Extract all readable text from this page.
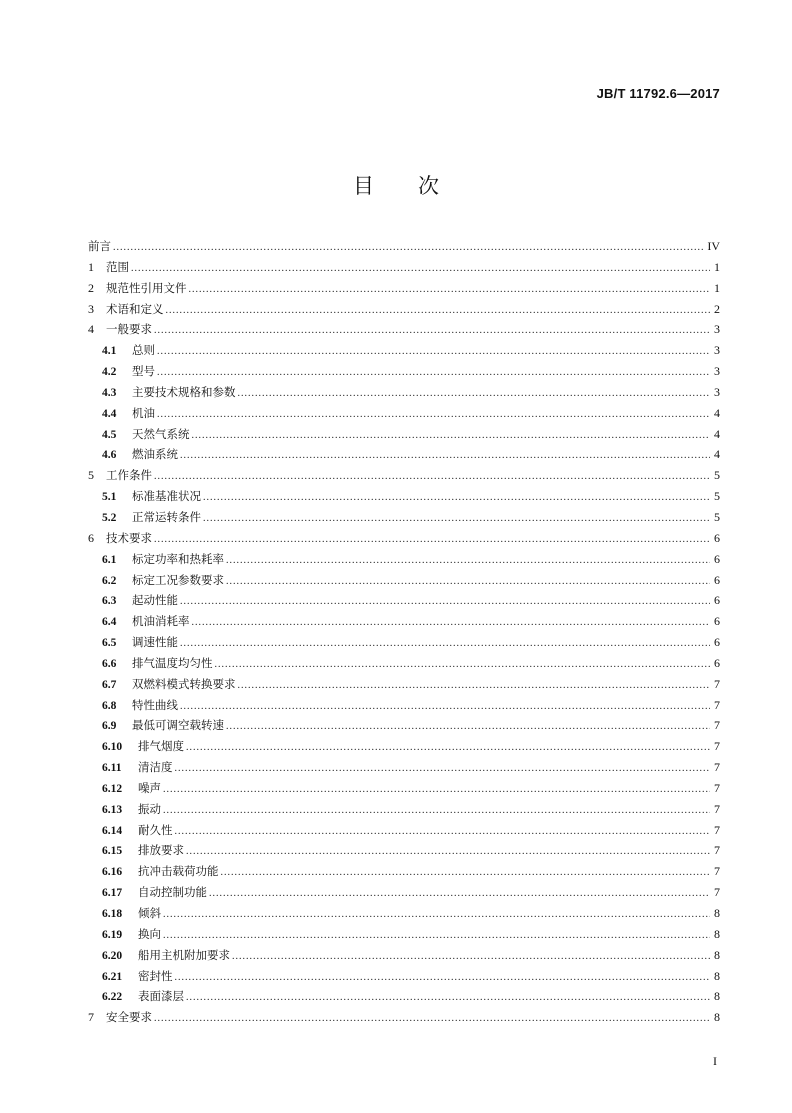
JB/T 11792.6—2017
目 次
前言 .....	IV
1	范围 .....	1
2	规范性引用文件 .....	1
3	术语和定义 .....	2
4	一般要求 .....	3
4.1	总则 .....	3
4.2	型号 .....	3
4.3	主要技术规格和参数 .....	3
4.4	机油 .....	4
4.5	天然气系统 .....	4
4.6	燃油系统 .....	4
5	工作条件 .....	5
5.1	标准基准状况 .....	5
5.2	正常运转条件 .....	5
6	技术要求 .....	6
6.1	标定功率和热耗率 .....	6
6.2	标定工况参数要求 .....	6
6.3	起动性能 .....	6
6.4	机油消耗率 .....	6
6.5	调速性能 .....	6
6.6	排气温度均匀性 .....	6
6.7	双燃料模式转换要求 .....	7
6.8	特性曲线 .....	7
6.9	最低可调空载转速 .....	7
6.10	排气烟度 .....	7
6.11	清洁度 .....	7
6.12	噪声 .....	7
6.13	振动 .....	7
6.14	耐久性 .....	7
6.15	排放要求 .....	7
6.16	抗冲击载荷功能 .....	7
6.17	自动控制功能 .....	7
6.18	倾斜 .....	8
6.19	换向 .....	8
6.20	船用主机附加要求 .....	8
6.21	密封性 .....	8
6.22	表面漆层 .....	8
7	安全要求 .....	8
I
